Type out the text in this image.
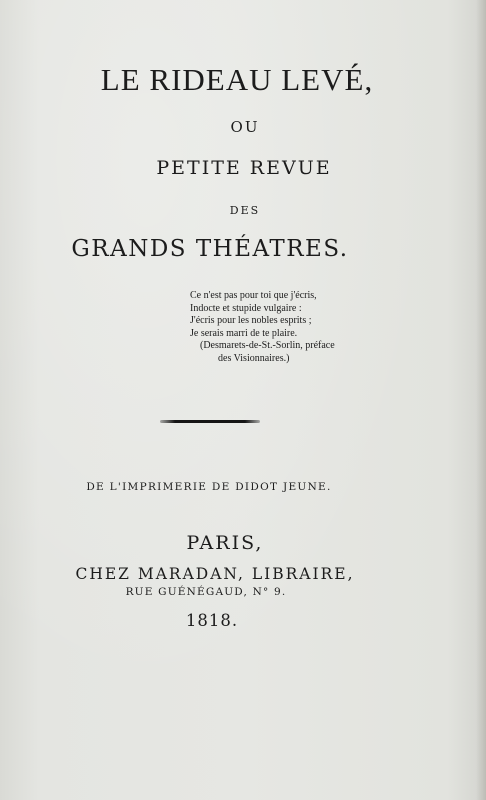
LE RIDEAU LEVÉ,
OU
PETITE REVUE
DES
GRANDS THÉATRES.
Ce n'est pas pour toi que j'écris,
Indocte et stupide vulgaire :
J'écris pour les nobles esprits ;
Je serais marri de te plaire.
(Desmarets-de-St.-Sorlin, préface
des Visionnaires.)
DE L'IMPRIMERIE DE DIDOT JEUNE.
PARIS,
CHEZ MARADAN, LIBRAIRE,
RUE GUÉNÉGAUD, N° 9.
1818.
